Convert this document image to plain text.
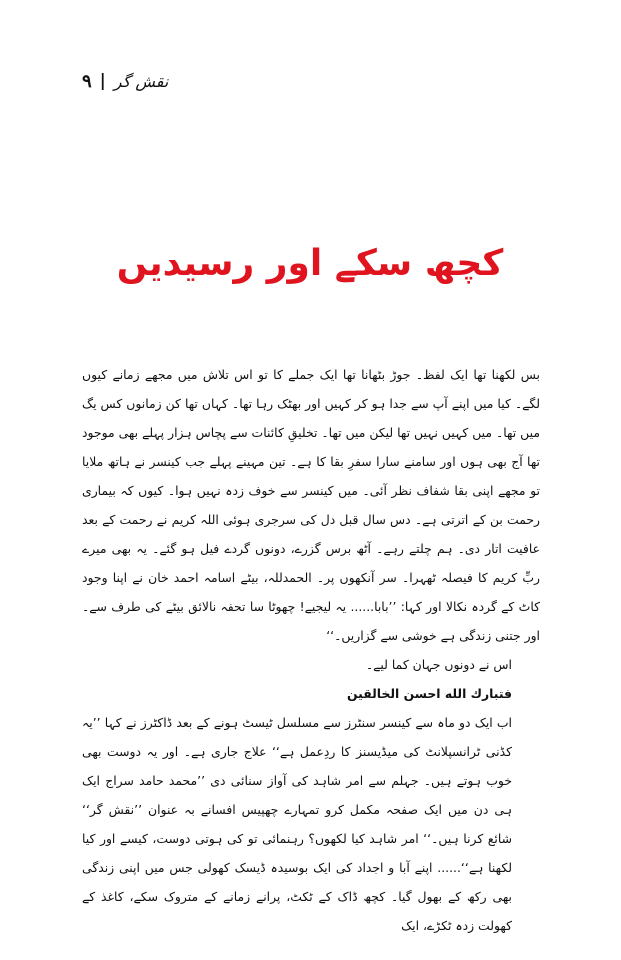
۹ | نقش گر
کچھ سکے اور رسیدیں

بس لکھنا تھا ایک لفظ۔ جوڑ بٹھانا تھا ایک جملے کا تو اس تلاش میں مجھے زمانے کیوں لگے۔ کیا میں اپنے آپ سے جدا ہو کر کہیں اور بھٹک رہا تھا۔ کہاں تھا کن زمانوں کس یگ میں تھا۔ میں کہیں نہیں تھا لیکن میں تھا۔ تخلیقِ کائنات سے پچاس ہزار پہلے بھی موجود تھا آج بھی ہوں اور سامنے سارا سفرِ بقا کا ہے۔ تین مہینے پہلے جب کینسر نے ہاتھ ملایا تو مجھے اپنی بقا شفاف نظر آئی۔ میں کینسر سے خوف زدہ نہیں ہوا۔ کیوں کہ بیماری رحمت بن کے اترتی ہے۔ دس سال قبل دل کی سرجری ہوئی اللہ کریم نے رحمت کے بعد عافیت اتار دی۔ ہم چلتے رہے۔ آٹھ برس گزرے، دونوں گردے فیل ہو گئے۔ یہ بھی میرے ربِّ کریم کا فیصلہ ٹھہرا۔ سر آنکھوں پر۔ الحمدللہ، بیٹے اسامہ احمد خان نے اپنا وجود کاٹ کے گردہ نکالا اور کہا: ’’بابا...... یہ لیجیے! چھوٹا سا تحفہ نالائق بیٹے کی طرف سے۔ اور جتنی زندگی ہے خوشی سے گزاریں۔‘‘

اس نے دونوں جہان کما لیے۔

فتبارك الله احسن الخالقين

اب ایک دو ماہ سے کینسر سنٹرز سے مسلسل ٹیسٹ ہونے کے بعد ڈاکٹرز نے کہا ’’یہ کڈنی ٹرانسپلانٹ کی میڈیسنز کا ردِعمل ہے‘‘ علاج جاری ہے۔ اور یہ دوست بھی خوب ہوتے ہیں۔ جہلم سے امر شاہد کی آواز سنائی دی ’’محمد حامد سراج ایک ہی دن میں ایک صفحہ مکمل کرو تمہارے چھپیس افسانے بہ عنوان ’’نقش گر‘‘ شائع کرنا ہیں۔‘‘ امر شاہد کیا لکھوں؟ رہنمائی تو کی ہوتی دوست، کیسے اور کیا لکھنا ہے‘‘...... اپنے آبا و اجداد کی ایک بوسیدہ ڈیسک کھولی جس میں اپنی زندگی بھی رکھ کے بھول گیا۔ کچھ ڈاک کے ٹکٹ، پرانے زمانے کے متروک سکے، کاغذ کے کھولت زدہ ٹکڑے، ایک
